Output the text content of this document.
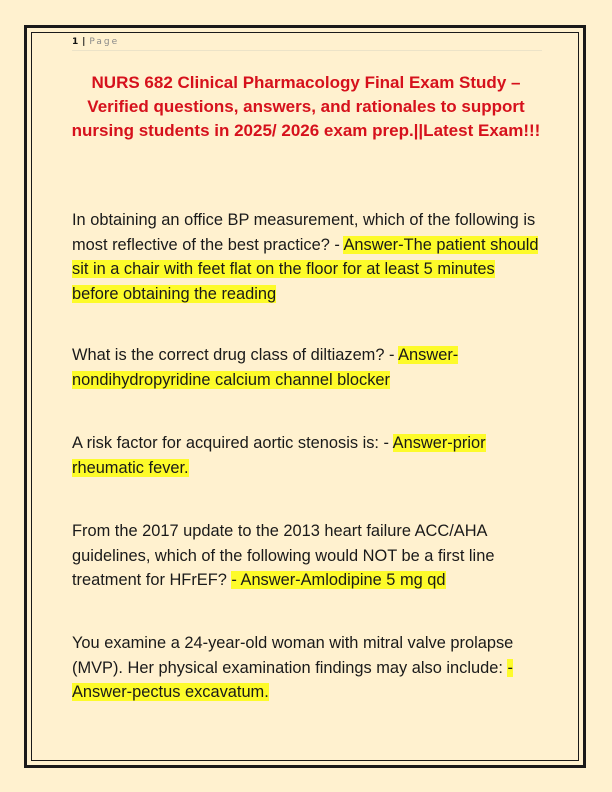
1 | Page
NURS 682 Clinical Pharmacology Final Exam Study – Verified questions, answers, and rationales to support nursing students in 2025/ 2026 exam prep.||Latest Exam!!!
In obtaining an office BP measurement, which of the following is most reflective of the best practice? - Answer-The patient should sit in a chair with feet flat on the floor for at least 5 minutes before obtaining the reading
What is the correct drug class of diltiazem? - Answer-nondihydropyridine calcium channel blocker
A risk factor for acquired aortic stenosis is: - Answer-prior rheumatic fever.
From the 2017 update to the 2013 heart failure ACC/AHA guidelines, which of the following would NOT be a first line treatment for HFrEF? - Answer-Amlodipine 5 mg qd
You examine a 24-year-old woman with mitral valve prolapse (MVP). Her physical examination findings may also include: - Answer-pectus excavatum.
